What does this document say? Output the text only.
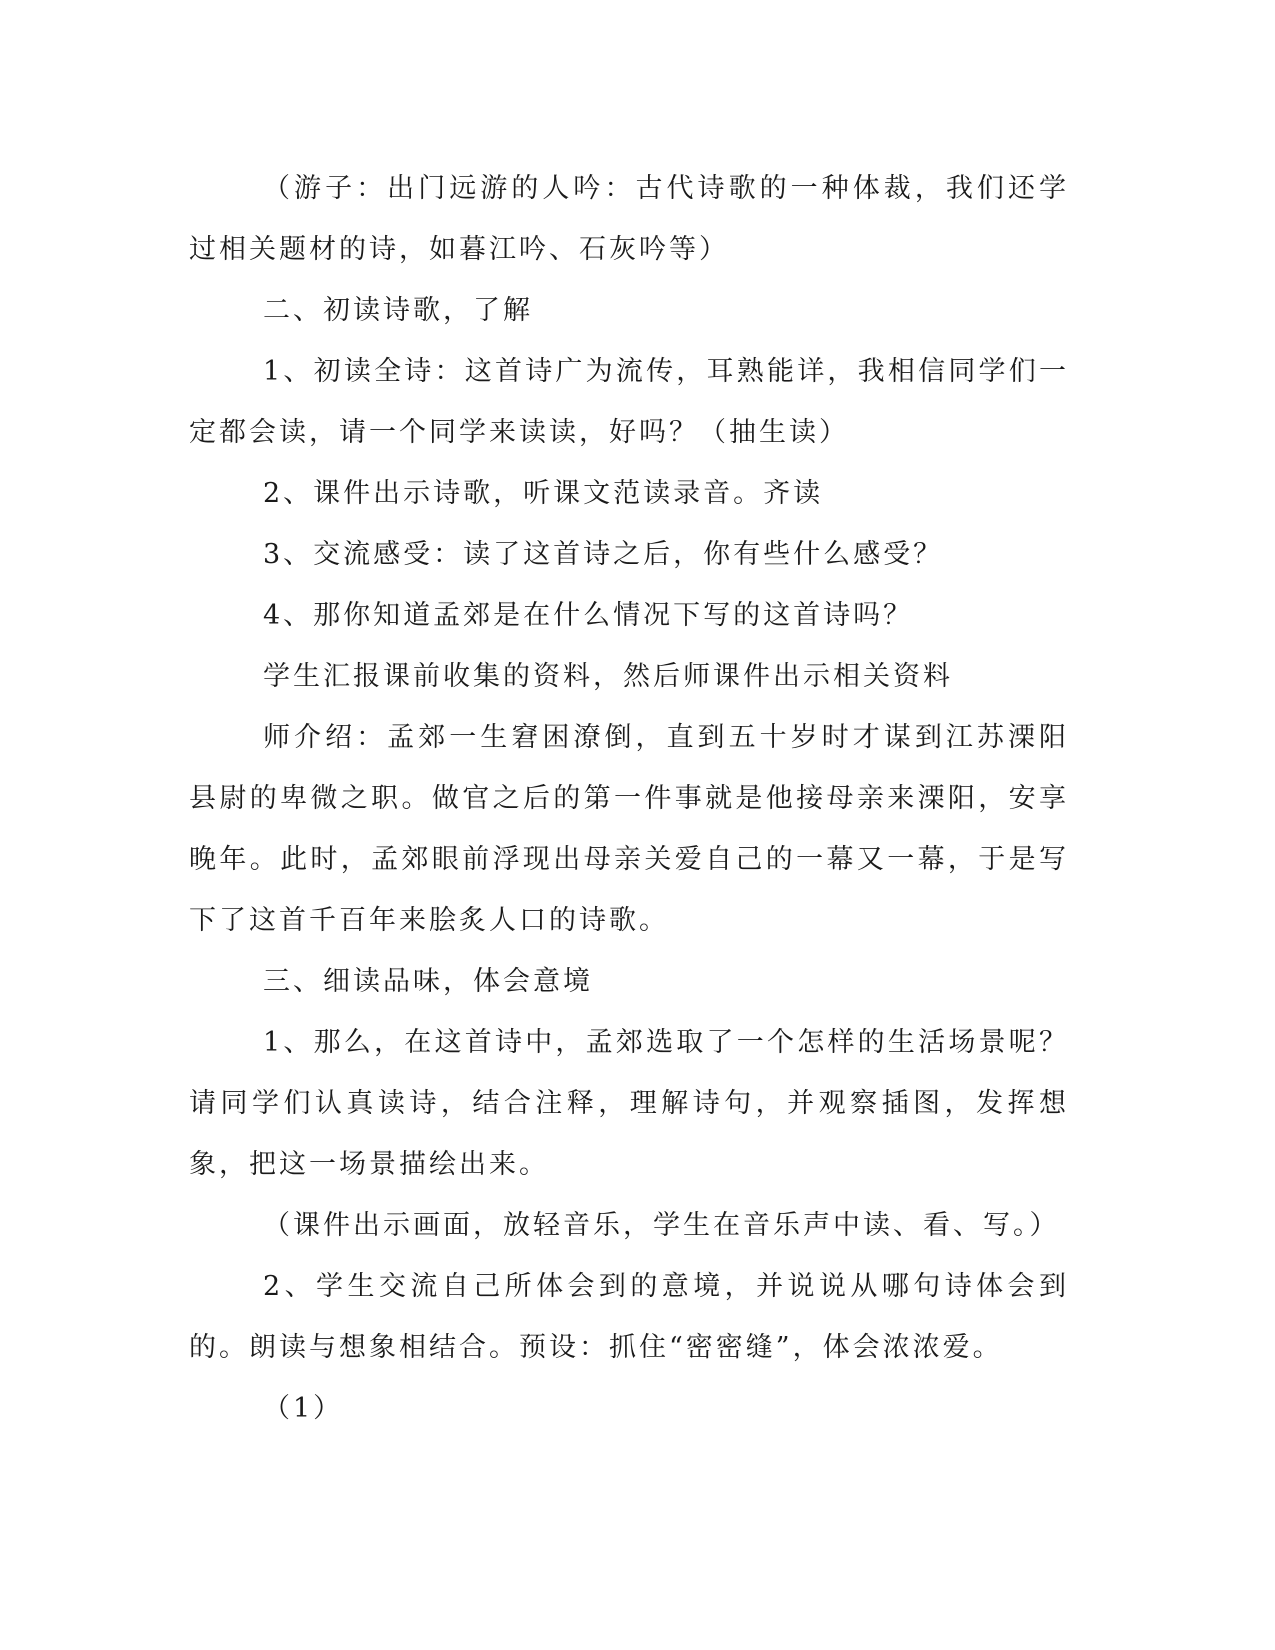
（游子：出门远游的人吟：古代诗歌的一种体裁，我们还学过相关题材的诗，如暮江吟、石灰吟等）

二、初读诗歌，了解

1、初读全诗：这首诗广为流传，耳熟能详，我相信同学们一定都会读，请一个同学来读读，好吗？（抽生读）

2、课件出示诗歌，听课文范读录音。齐读

3、交流感受：读了这首诗之后，你有些什么感受？

4、那你知道孟郊是在什么情况下写的这首诗吗？

学生汇报课前收集的资料，然后师课件出示相关资料

师介绍：孟郊一生窘困潦倒，直到五十岁时才谋到江苏溧阳县尉的卑微之职。做官之后的第一件事就是他接母亲来溧阳，安享晚年。此时，孟郊眼前浮现出母亲关爱自己的一幕又一幕，于是写下了这首千百年来脍炙人口的诗歌。

三、细读品味，体会意境

1、那么，在这首诗中，孟郊选取了一个怎样的生活场景呢？请同学们认真读诗，结合注释，理解诗句，并观察插图，发挥想象，把这一场景描绘出来。

（课件出示画面，放轻音乐，学生在音乐声中读、看、写。）

2、学生交流自己所体会到的意境，并说说从哪句诗体会到的。朗读与想象相结合。预设：抓住“密密缝”，体会浓浓爱。

（1）
